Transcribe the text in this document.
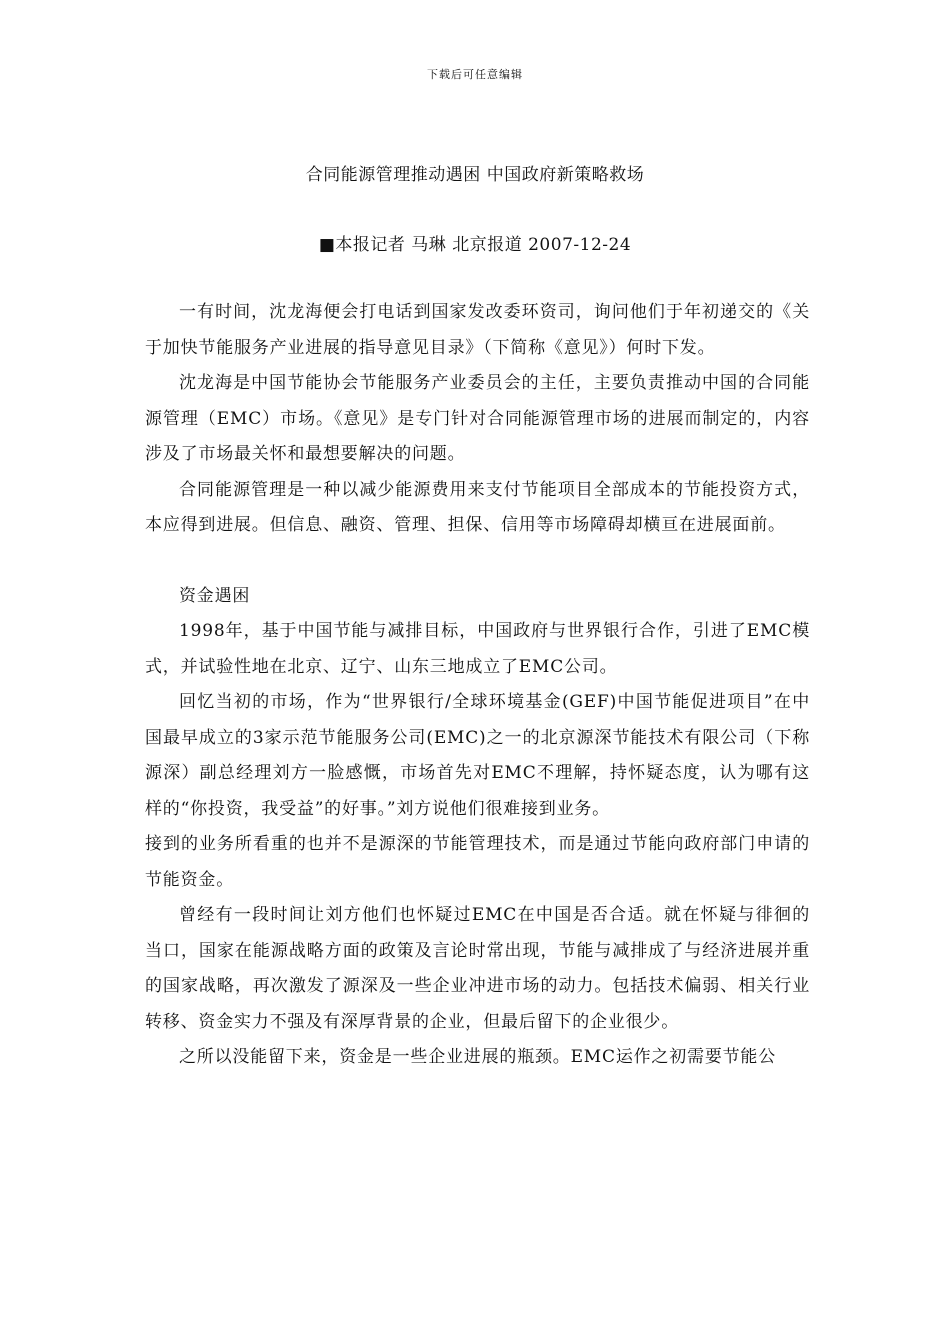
下载后可任意编辑
合同能源管理推动遇困 中国政府新策略救场
■本报记者 马琳 北京报道 2007-12-24

一有时间，沈龙海便会打电话到国家发改委环资司，询问他们于年初递交的《关于加快节能服务产业进展的指导意见目录》（下简称《意见》）何时下发。

沈龙海是中国节能协会节能服务产业委员会的主任，主要负责推动中国的合同能源管理（EMC）市场。《意见》是专门针对合同能源管理市场的进展而制定的，内容涉及了市场最关怀和最想要解决的问题。

合同能源管理是一种以减少能源费用来支付节能项目全部成本的节能投资方式，本应得到进展。但信息、融资、管理、担保、信用等市场障碍却横亘在进展面前。

资金遇困

1998年，基于中国节能与减排目标，中国政府与世界银行合作，引进了EMC模式，并试验性地在北京、辽宁、山东三地成立了EMC公司。

回忆当初的市场，作为“世界银行/全球环境基金(GEF)中国节能促进项目”在中国最早成立的3家示范节能服务公司(EMC)之一的北京源深节能技术有限公司（下称源深）副总经理刘方一脸感慨，市场首先对EMC不理解，持怀疑态度，认为哪有这样的“你投资，我受益”的好事。”刘方说他们很难接到业务。

接到的业务所看重的也并不是源深的节能管理技术，而是通过节能向政府部门申请的节能资金。

曾经有一段时间让刘方他们也怀疑过EMC在中国是否合适。就在怀疑与徘徊的当口，国家在能源战略方面的政策及言论时常出现，节能与减排成了与经济进展并重的国家战略，再次激发了源深及一些企业冲进市场的动力。包括技术偏弱、相关行业转移、资金实力不强及有深厚背景的企业，但最后留下的企业很少。

之所以没能留下来，资金是一些企业进展的瓶颈。EMC运作之初需要节能公
